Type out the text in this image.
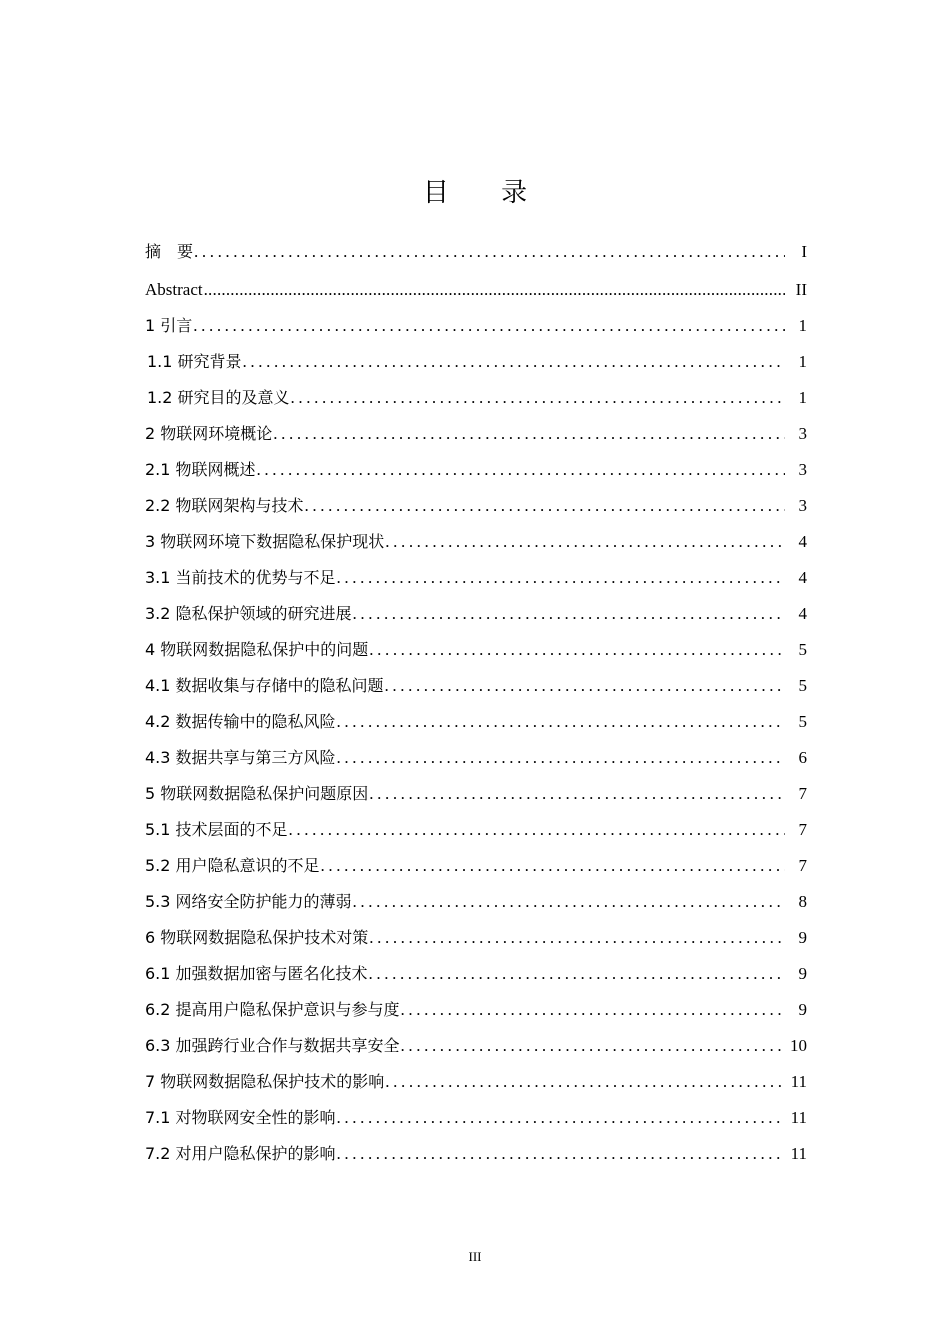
目 录
摘　要 .....	I
Abstract .....	II
1 引言 .....	1
1.1 研究背景 .....	1
1.2 研究目的及意义 .....	1
2 物联网环境概论 .....	3
2.1 物联网概述 .....	3
2.2 物联网架构与技术 .....	3
3 物联网环境下数据隐私保护现状 .....	4
3.1 当前技术的优势与不足 .....	4
3.2 隐私保护领域的研究进展 .....	4
4 物联网数据隐私保护中的问题 .....	5
4.1 数据收集与存储中的隐私问题 .....	5
4.2 数据传输中的隐私风险 .....	5
4.3 数据共享与第三方风险 .....	6
5 物联网数据隐私保护问题原因 .....	7
5.1 技术层面的不足 .....	7
5.2 用户隐私意识的不足 .....	7
5.3 网络安全防护能力的薄弱 .....	8
6 物联网数据隐私保护技术对策 .....	9
6.1 加强数据加密与匿名化技术 .....	9
6.2 提高用户隐私保护意识与参与度 .....	9
6.3 加强跨行业合作与数据共享安全 .....	10
7 物联网数据隐私保护技术的影响 .....	11
7.1 对物联网安全性的影响 .....	11
7.2 对用户隐私保护的影响 .....	11
III
